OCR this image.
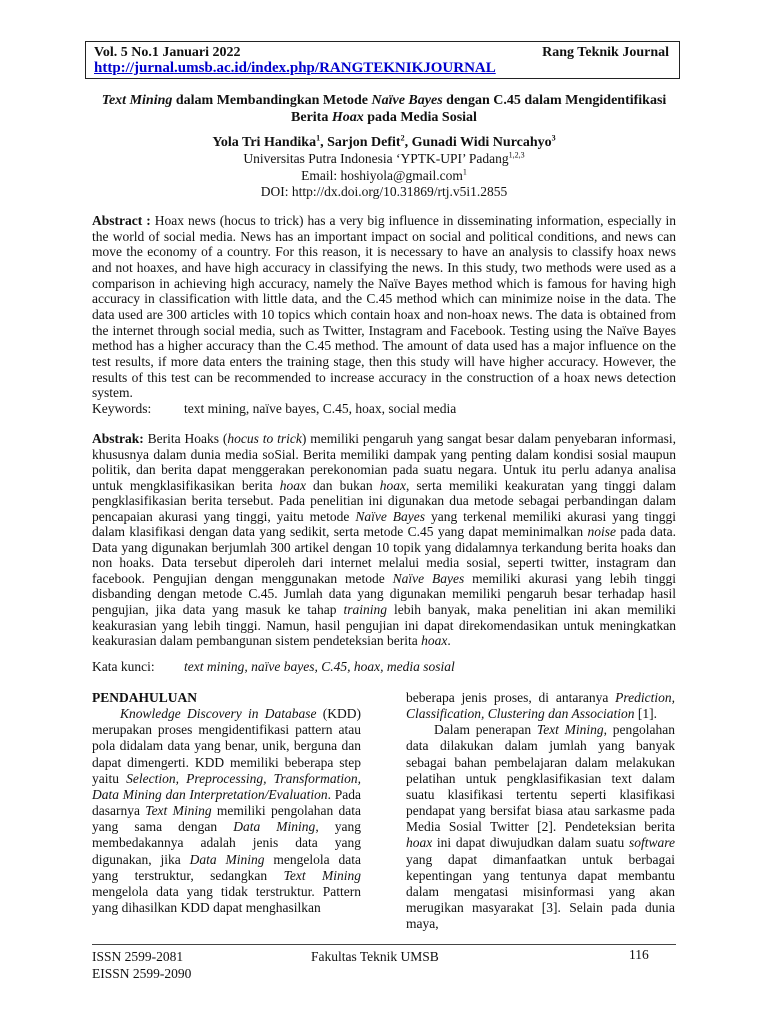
Vol. 5 No.1 Januari 2022	Rang Teknik Journal
http://jurnal.umsb.ac.id/index.php/RANGTEKNIKJOURNAL
Text Mining dalam Membandingkan Metode Naïve Bayes dengan C.45 dalam Mengidentifikasi Berita Hoax pada Media Sosial
Yola Tri Handika$^1$, Sarjon Defit$^2$, Gunadi Widi Nurcahyo$^3$
Universitas Putra Indonesia ‘YPTK-UPI’ Padang$^{1,2,3}$
Email: hoshiyola@gmail.com$^1$
DOI: http://dx.doi.org/10.31869/rtj.v5i1.2855
Abstract : Hoax news (hocus to trick) has a very big influence in disseminating information, especially in the world of social media. News has an important impact on social and political conditions, and news can move the economy of a country. For this reason, it is necessary to have an analysis to classify hoax news and not hoaxes, and have high accuracy in classifying the news. In this study, two methods were used as a comparison in achieving high accuracy, namely the Naïve Bayes method which is famous for having high accuracy in classification with little data, and the C.45 method which can minimize noise in the data. The data used are 300 articles with 10 topics which contain hoax and non-hoax news. The data is obtained from the internet through social media, such as Twitter, Instagram and Facebook. Testing using the Naïve Bayes method has a higher accuracy than the C.45 method. The amount of data used has a major influence on the test results, if more data enters the training stage, then this study will have higher accuracy. However, the results of this test can be recommended to increase accuracy in the construction of a hoax news detection system.
Keywords: text mining, naïve bayes, C.45, hoax, social media
Abstrak: Berita Hoaks (hocus to trick) memiliki pengaruh yang sangat besar dalam penyebaran informasi, khususnya dalam dunia media soSial. Berita memiliki dampak yang penting dalam kondisi sosial maupun politik, dan berita dapat menggerakan perekonomian pada suatu negara. Untuk itu perlu adanya analisa untuk mengklasifikasikan berita hoax dan bukan hoax, serta memiliki keakuratan yang tinggi dalam pengklasifikasian berita tersebut. Pada penelitian ini digunakan dua metode sebagai perbandingan dalam pencapaian akurasi yang tinggi, yaitu metode Naïve Bayes yang terkenal memiliki akurasi yang tinggi dalam klasifikasi dengan data yang sedikit, serta metode C.45 yang dapat meminimalkan noise pada data. Data yang digunakan berjumlah 300 artikel dengan 10 topik yang didalamnya terkandung berita hoaks dan non hoaks. Data tersebut diperoleh dari internet melalui media sosial, seperti twitter, instagram dan facebook. Pengujian dengan menggunakan metode Naïve Bayes memiliki akurasi yang lebih tinggi disbanding dengan metode C.45. Jumlah data yang digunakan memiliki pengaruh besar terhadap hasil pengujian, jika data yang masuk ke tahap training lebih banyak, maka penelitian ini akan memiliki keakurasian yang lebih tinggi. Namun, hasil pengujian ini dapat direkomendasikan untuk meningkatkan keakurasian dalam pembangunan sistem pendeteksian berita hoax.
Kata kunci: text mining, naïve bayes, C.45, hoax, media sosial
PENDAHULUAN

Knowledge Discovery in Database (KDD) merupakan proses mengidentifikasi pattern atau pola didalam data yang benar, unik, berguna dan dapat dimengerti. KDD memiliki beberapa step yaitu Selection, Preprocessing, Transformation, Data Mining dan Interpretation/Evaluation. Pada dasarnya Text Mining memiliki pengolahan data yang sama dengan Data Mining, yang membedakannya adalah jenis data yang digunakan, jika Data Mining mengelola data yang terstruktur, sedangkan Text Mining mengelola data yang tidak terstruktur. Pattern yang dihasilkan KDD dapat menghasilkan

beberapa jenis proses, di antaranya Prediction, Classification, Clustering dan Association [1].

Dalam penerapan Text Mining, pengolahan data dilakukan dalam jumlah yang banyak sebagai bahan pembelajaran dalam melakukan pelatihan untuk pengklasifikasian text dalam suatu klasifikasi tertentu seperti klasifikasi pendapat yang bersifat biasa atau sarkasme pada Media Sosial Twitter [2]. Pendeteksian berita hoax ini dapat diwujudkan dalam suatu software yang dapat dimanfaatkan untuk berbagai kepentingan yang tentunya dapat membantu dalam mengatasi misinformasi yang akan merugikan masyarakat [3]. Selain pada dunia maya,

ISSN 2599-2081
EISSN 2599-2090
Fakultas Teknik UMSB	116
